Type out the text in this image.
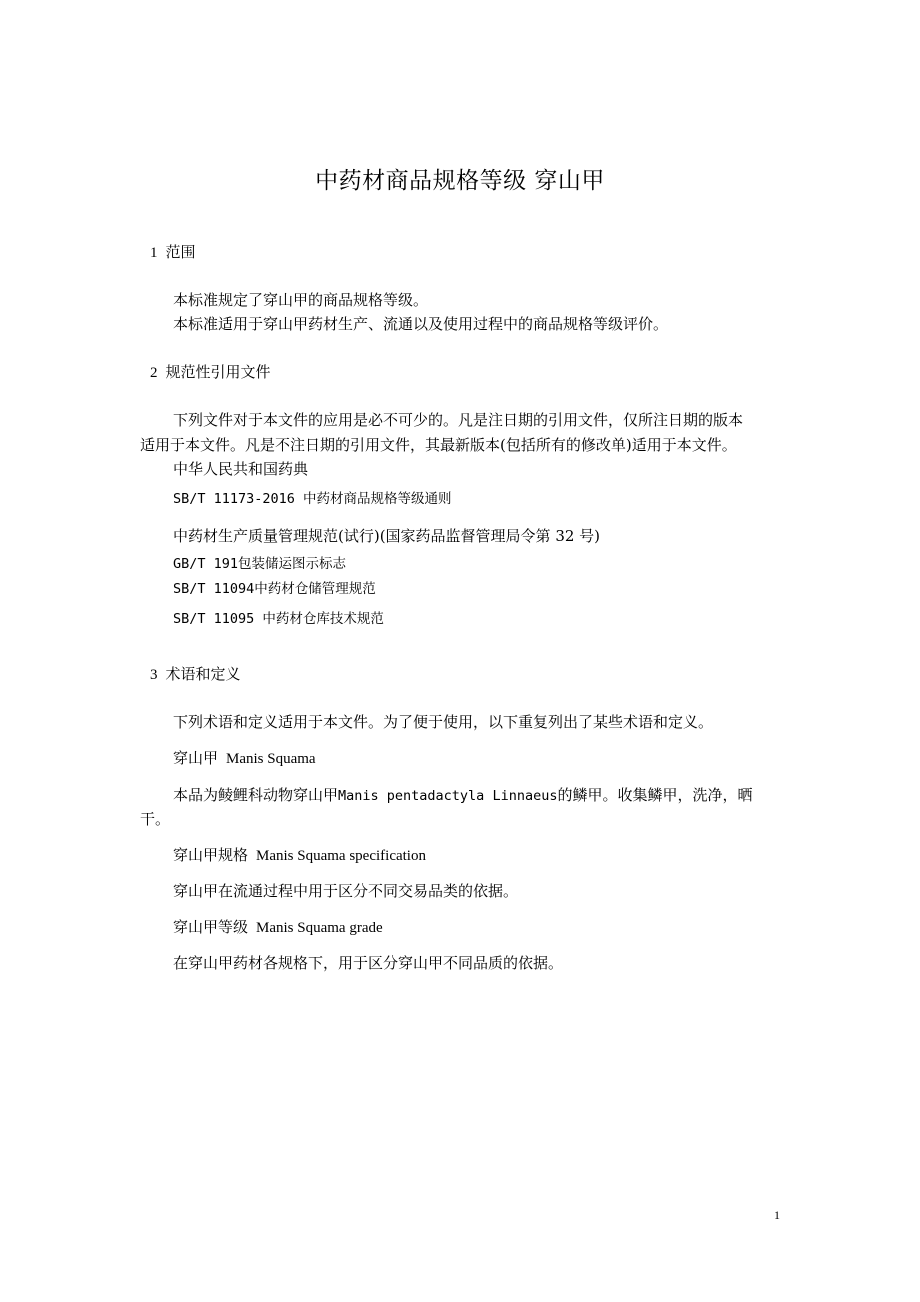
中药材商品规格等级 穿山甲
1 范围
本标准规定了穿山甲的商品规格等级。
本标准适用于穿山甲药材生产、流通以及使用过程中的商品规格等级评价。
2 规范性引用文件
下列文件对于本文件的应用是必不可少的。凡是注日期的引用文件，仅所注日期的版本
适用于本文件。凡是不注日期的引用文件，其最新版本(包括所有的修改单)适用于本文件。
中华人民共和国药典
SB/T 11173-2016 中药材商品规格等级通则
中药材生产质量管理规范(试行)(国家药品监督管理局令第 32 号)
GB/T 191包装储运图示标志
SB/T 11094中药材仓储管理规范
SB/T 11095 中药材仓库技术规范
3 术语和定义
下列术语和定义适用于本文件。为了便于使用，以下重复列出了某些术语和定义。
穿山甲 Manis Squama
本品为鲮鲤科动物穿山甲Manis pentadactyla Linnaeus的鳞甲。收集鳞甲，洗净，晒
干。
穿山甲规格 Manis Squama specification
穿山甲在流通过程中用于区分不同交易品类的依据。
穿山甲等级 Manis Squama grade
在穿山甲药材各规格下，用于区分穿山甲不同品质的依据。
1
